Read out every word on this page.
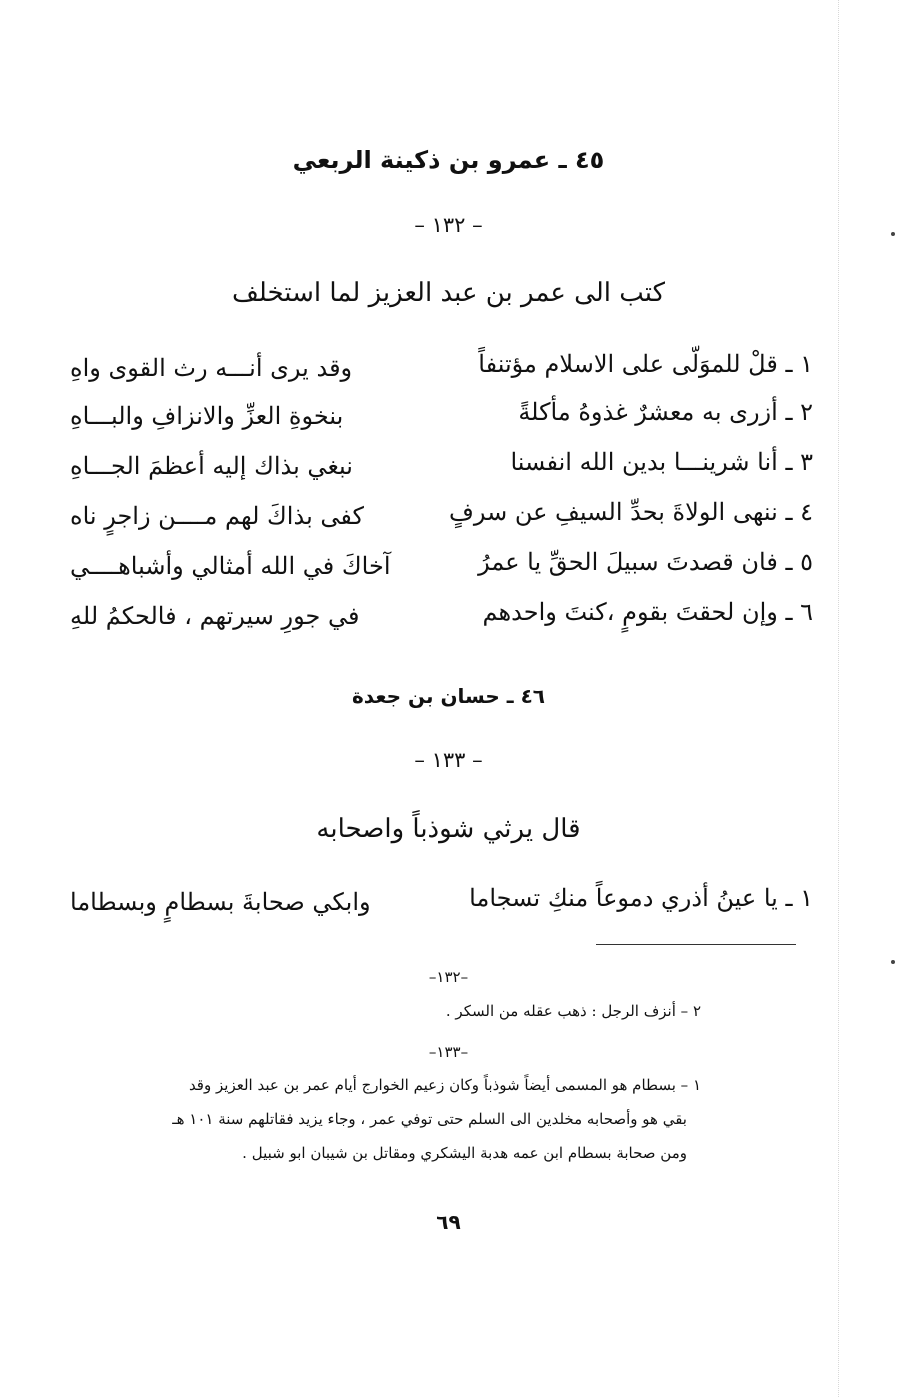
٤٥ ـ عمرو بن ذكينة الربعي
– ١٣٢ –
كتب الى عمر بن عبد العزيز لما استخلف
١ ـ قلْ للموَلّى على الاسلام مؤتنفاً
وقد يرى أنـــه رث القوى واهِ
٢ ـ أزرى به معشرٌ غذوهُ مأكلةً
بنخوةِ العزِّ والانزافِ والبـــاهِ
٣ ـ أنا شرينـــا بدين الله انفسنا
نبغي بذاك إليه أعظمَ الجـــاهِ
٤ ـ ننهى الولاةَ بحدِّ السيفِ عن سرفٍ
كفى بذاكَ لهم مــــن زاجرٍ ناه
٥ ـ فان قصدتَ سبيلَ الحقِّ يا عمرُ
آخاكَ في الله أمثالي وأشباهــــي
٦ ـ وإن لحقتَ بقومٍ ،كنتَ واحدهم
في جورِ سيرتهم ، فالحكمُ للهِ
٤٦ ـ حسان بن جعدة
– ١٣٣ –
قال يرثي شوذباً واصحابه
١ ـ يا عينُ أذري دموعاً منكِ تسجاما
وابكي صحابةَ بسطامٍ وبسطاما
–١٣٢–
٢ – أنزف الرجل : ذهب عقله من السكر .
–١٣٣–
١ – بسطام هو المسمى أيضاً شوذباً وكان زعيم الخوارج أيام عمر بن عبد العزيز وقد
بقي هو وأصحابه مخلدين الى السلم حتى توفي عمر ، وجاء يزيد فقاتلهم سنة ١٠١ هـ
ومن صحابة بسطام ابن عمه هدبة اليشكري ومقاتل بن شيبان ابو شبيل .
٦٩
